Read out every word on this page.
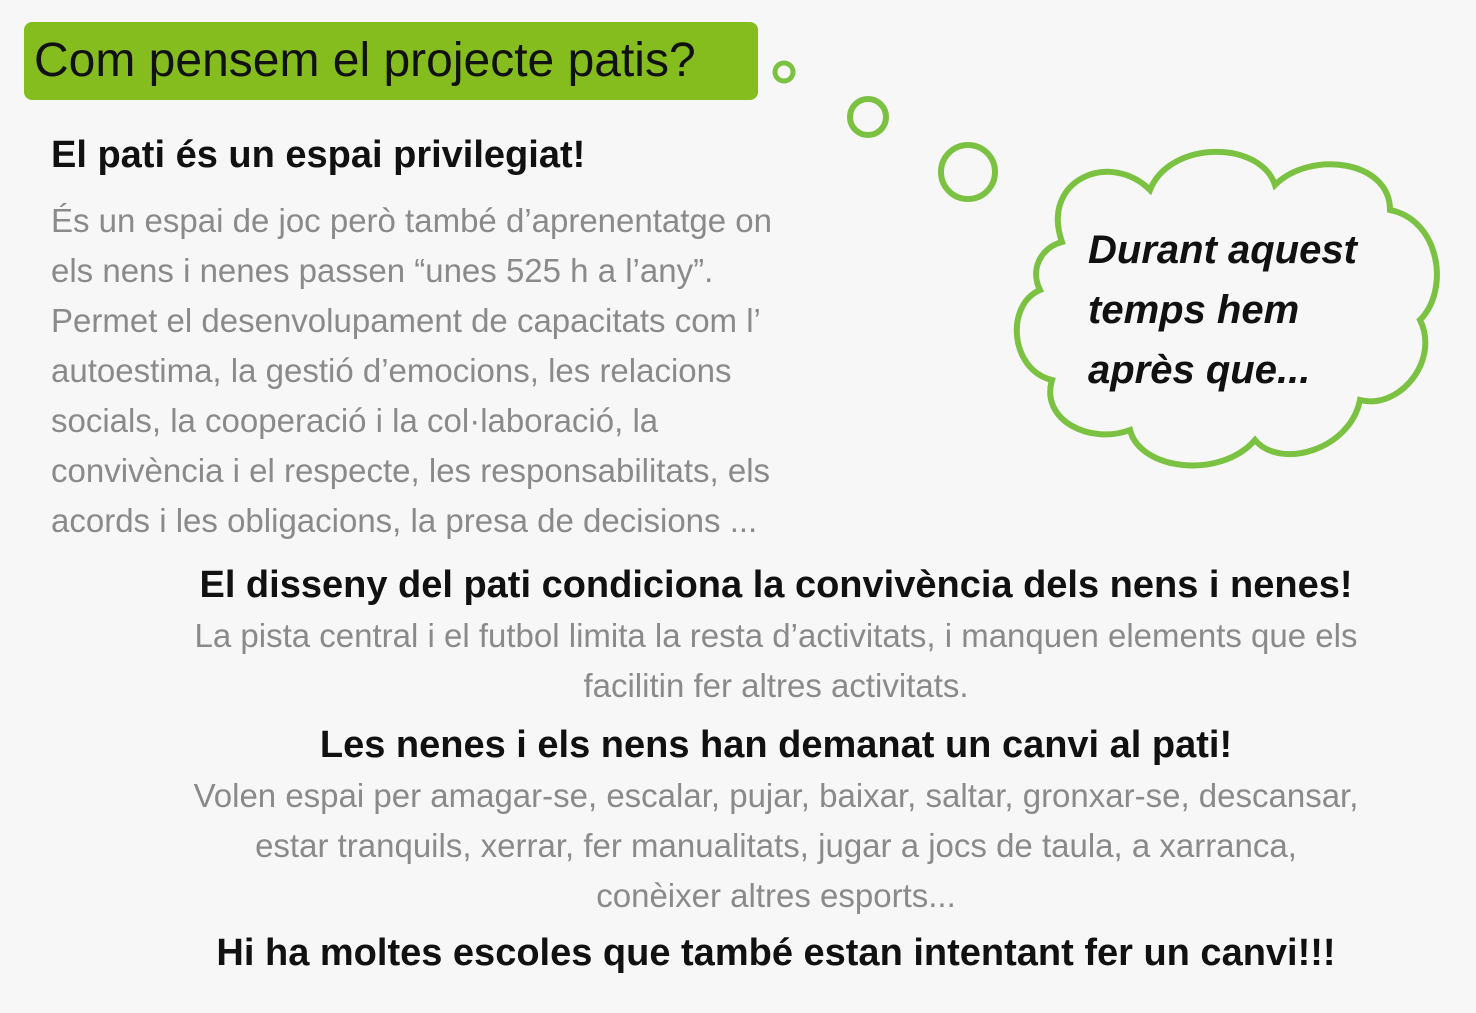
Com pensem el projecte patis?
Durant aquest
temps hem
après que...
El pati és un espai privilegiat!
És un espai de joc però també d’aprenentatge on
els nens i nenes passen “unes 525 h a l’any”.
Permet el desenvolupament de capacitats com l’
autoestima, la gestió d’emocions, les relacions
socials, la cooperació i la col·laboració, la
convivència i el respecte, les responsabilitats, els
acords i les obligacions, la presa de decisions ...
El disseny del pati condiciona la convivència dels nens i nenes!
La pista central i el futbol limita la resta d’activitats, i manquen elements que els
facilitin fer altres activitats.
Les nenes i els nens han demanat un canvi al pati!
Volen espai per amagar-se, escalar, pujar, baixar, saltar, gronxar-se, descansar,
estar tranquils, xerrar, fer manualitats, jugar a jocs de taula, a xarranca,
conèixer altres esports...
Hi ha moltes escoles que també estan intentant fer un canvi!!!
